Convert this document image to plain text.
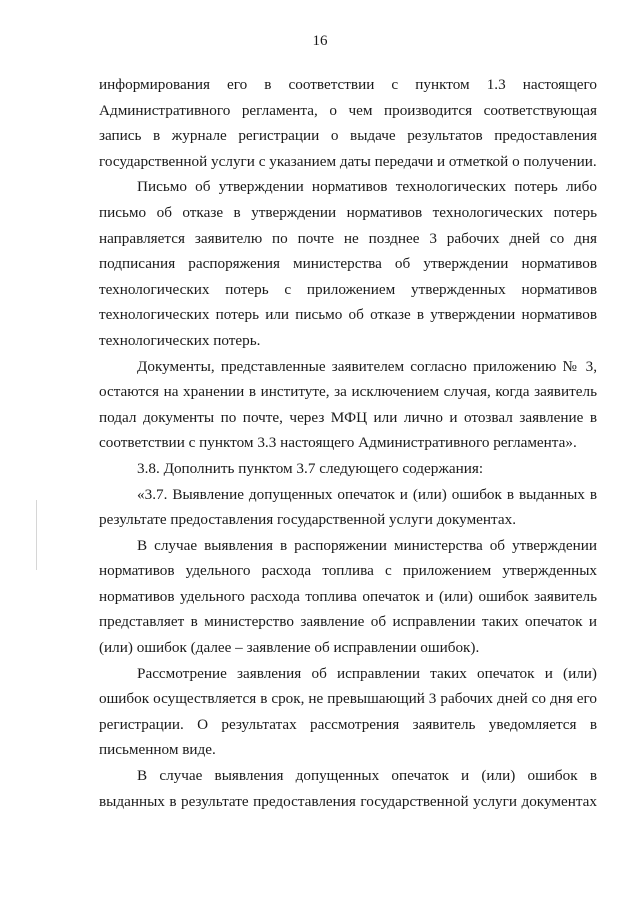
16

информирования его в соответствии с пунктом 1.3 настоящего Административного регламента, о чем производится соответствующая запись в журнале регистрации о выдаче результатов предоставления государственной услуги с указанием даты передачи и отметкой о получении.

Письмо об утверждении нормативов технологических потерь либо письмо об отказе в утверждении нормативов технологических потерь направляется заявителю по почте не позднее 3 рабочих дней со дня подписания распоряжения министерства об утверждении нормативов технологических потерь с приложением утвержденных нормативов технологических потерь или письмо об отказе в утверждении нормативов технологических потерь.

Документы, представленные заявителем согласно приложению № 3, остаются на хранении в институте, за исключением случая, когда заявитель подал документы по почте, через МФЦ или лично и отозвал заявление в соответствии с пунктом 3.3 настоящего Административного регламента».

3.8. Дополнить пунктом 3.7 следующего содержания:

«3.7. Выявление допущенных опечаток и (или) ошибок в выданных в результате предоставления государственной услуги документах.

В случае выявления в распоряжении министерства об утверждении нормативов удельного расхода топлива с приложением утвержденных нормативов удельного расхода топлива опечаток и (или) ошибок заявитель представляет в министерство заявление об исправлении таких опечаток и (или) ошибок (далее – заявление об исправлении ошибок).

Рассмотрение заявления об исправлении таких опечаток и (или) ошибок осуществляется в срок, не превышающий 3 рабочих дней со дня его регистрации. О результатах рассмотрения заявитель уведомляется в письменном виде.

В случае выявления допущенных опечаток и (или) ошибок в выданных в результате предоставления государственной услуги документах
